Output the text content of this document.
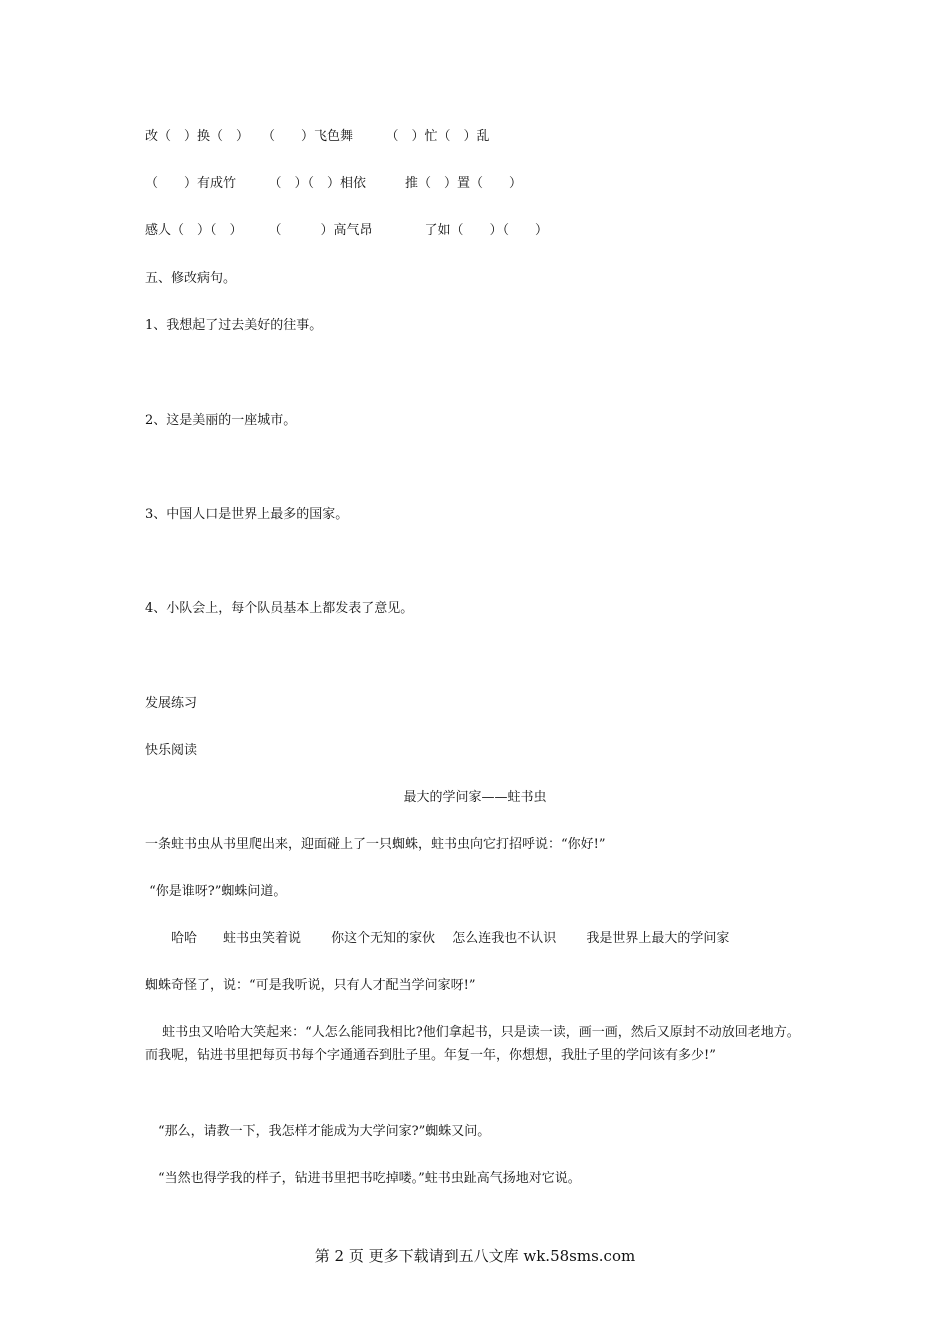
改（　）换（　）　　（　　）飞色舞　　　（　）忙（　）乱
（　　）有成竹　　　（　）（　）相依　　　推（　）置（　　）
感人（　）（　）　　　（　　　）高气昂　　　　了如（　　）（　　）
五、修改病句。
1、我想起了过去美好的往事。
2、这是美丽的一座城市。
3、中国人口是世界上最多的国家。
4、小队会上，每个队员基本上都发表了意见。
发展练习
快乐阅读
最大的学问家——蛀书虫
一条蛀书虫从书里爬出来，迎面碰上了一只蜘蛛，蛀书虫向它打招呼说：“你好!”
“你是谁呀?”蜘蛛问道。
　　哈哈　　蛀书虫笑着说　　 你这个无知的家伙　 怎么连我也不认识　　 我是世界上最大的学问家
蜘蛛奇怪了，说：“可是我听说，只有人才配当学问家呀!”
　 蛀书虫又哈哈大笑起来：“人怎么能同我相比?他们拿起书，只是读一读，画一画，然后又原封不动放回老地方。而我呢，钻进书里把每页书每个字通通吞到肚子里。年复一年，你想想，我肚子里的学问该有多少!”
　“那么，请教一下，我怎样才能成为大学问家?”蜘蛛又问。
　“当然也得学我的样子，钻进书里把书吃掉喽。”蛀书虫趾高气扬地对它说。
第 2 页 更多下载请到五八文库 wk.58sms.com
